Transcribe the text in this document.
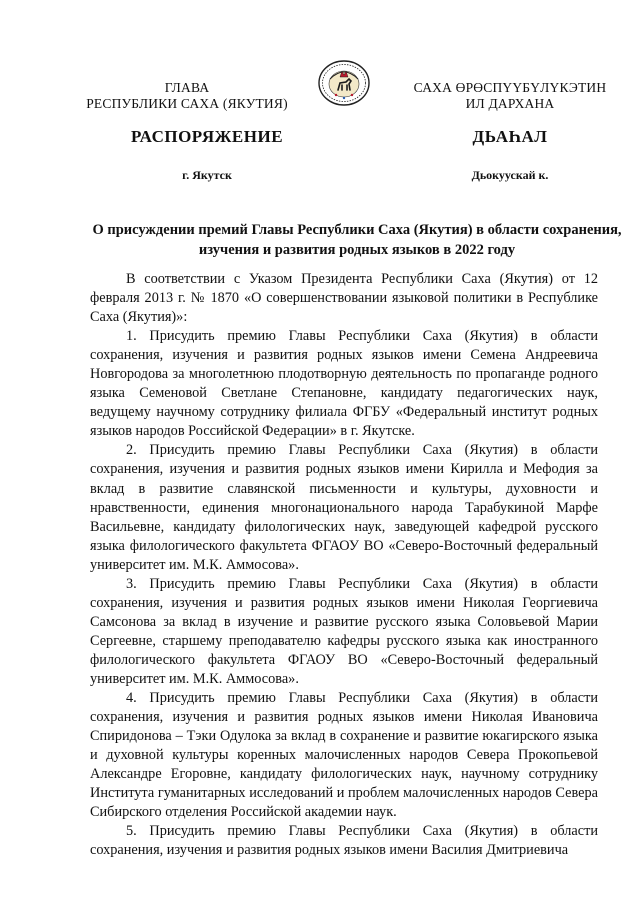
ГЛАВА
РЕСПУБЛИКИ САХА (ЯКУТИЯ)
САХА ӨРӨСПҮҮБҮЛҮКЭТИН
ИЛ ДАРХАНА
РАСПОРЯЖЕНИЕ	ДЬАҺАЛ
г. Якутск	Дьокуускай к.
О присуждении премий Главы Республики Саха (Якутия) в области сохранения, изучения и развития родных языков в 2022 году

В соответствии с Указом Президента Республики Саха (Якутия) от 12 февраля 2013 г. № 1870 «О совершенствовании языковой политики в Республике Саха (Якутия)»:

1. Присудить премию Главы Республики Саха (Якутия) в области сохранения, изучения и развития родных языков имени Семена Андреевича Новгородова за многолетнюю плодотворную деятельность по пропаганде родного языка Семеновой Светлане Степановне, кандидату педагогических наук, ведущему научному сотруднику филиала ФГБУ «Федеральный институт родных языков народов Российской Федерации» в г. Якутске.

2. Присудить премию Главы Республики Саха (Якутия) в области сохранения, изучения и развития родных языков имени Кирилла и Мефодия за вклад в развитие славянской письменности и культуры, духовности и нравственности, единения многонационального народа Тарабукиной Марфе Васильевне, кандидату филологических наук, заведующей кафедрой русского языка филологического факультета ФГАОУ ВО «Северо-Восточный федеральный университет им. М.К. Аммосова».

3. Присудить премию Главы Республики Саха (Якутия) в области сохранения, изучения и развития родных языков имени Николая Георгиевича Самсонова за вклад в изучение и развитие русского языка Соловьевой Марии Сергеевне, старшему преподавателю кафедры русского языка как иностранного филологического факультета ФГАОУ ВО «Северо-Восточный федеральный университет им. М.К. Аммосова».

4. Присудить премию Главы Республики Саха (Якутия) в области сохранения, изучения и развития родных языков имени Николая Ивановича Спиридонова – Тэки Одулока за вклад в сохранение и развитие юкагирского языка и духовной культуры коренных малочисленных народов Севера Прокопьевой Александре Егоровне, кандидату филологических наук, научному сотруднику Института гуманитарных исследований и проблем малочисленных народов Севера Сибирского отделения Российской академии наук.

5. Присудить премию Главы Республики Саха (Якутия) в области сохранения, изучения и развития родных языков имени Василия Дмитриевича
